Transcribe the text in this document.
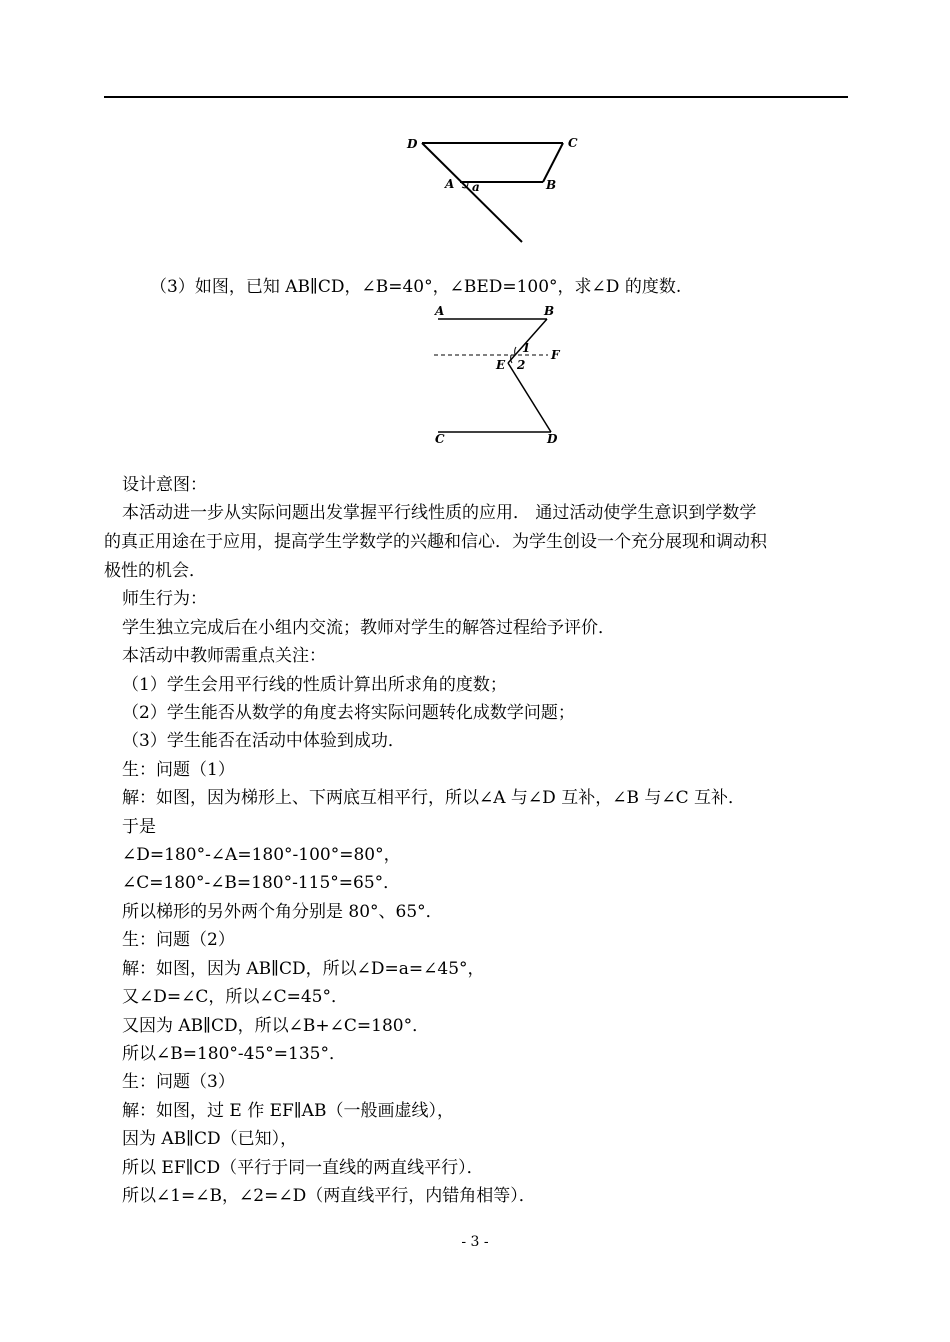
D	C
A a	B
（3）如图，已知 AB∥CD，∠B=40°，∠BED=100°，求∠D 的度数.
A	B
1 F
E 2
C	D
设计意图：
本活动进一步从实际问题出发掌握平行线性质的应用． 通过活动使学生意识到学数学
的真正用途在于应用，提高学生学数学的兴趣和信心．为学生创设一个充分展现和调动积
极性的机会．
师生行为：
学生独立完成后在小组内交流；教师对学生的解答过程给予评价．
本活动中教师需重点关注：
（1）学生会用平行线的性质计算出所求角的度数；
（2）学生能否从数学的角度去将实际问题转化成数学问题；
（3）学生能否在活动中体验到成功．
生：问题（1）
解：如图，因为梯形上、下两底互相平行，所以∠A 与∠D 互补，∠B 与∠C 互补．
于是
∠D=180°-∠A=180°-100°=80°，
∠C=180°-∠B=180°-115°=65°．
所以梯形的另外两个角分别是 80°、65°．
生：问题（2）
解：如图，因为 AB∥CD，所以∠D=a=∠45°，
又∠D=∠C，所以∠C=45°．
又因为 AB∥CD，所以∠B+∠C=180°．
所以∠B=180°-45°=135°．
生：问题（3）
解：如图，过 E 作 EF∥AB（一般画虚线），
因为 AB∥CD（已知），
所以 EF∥CD（平行于同一直线的两直线平行）．
所以∠1=∠B，∠2=∠D（两直线平行，内错角相等）．
- 3 -
